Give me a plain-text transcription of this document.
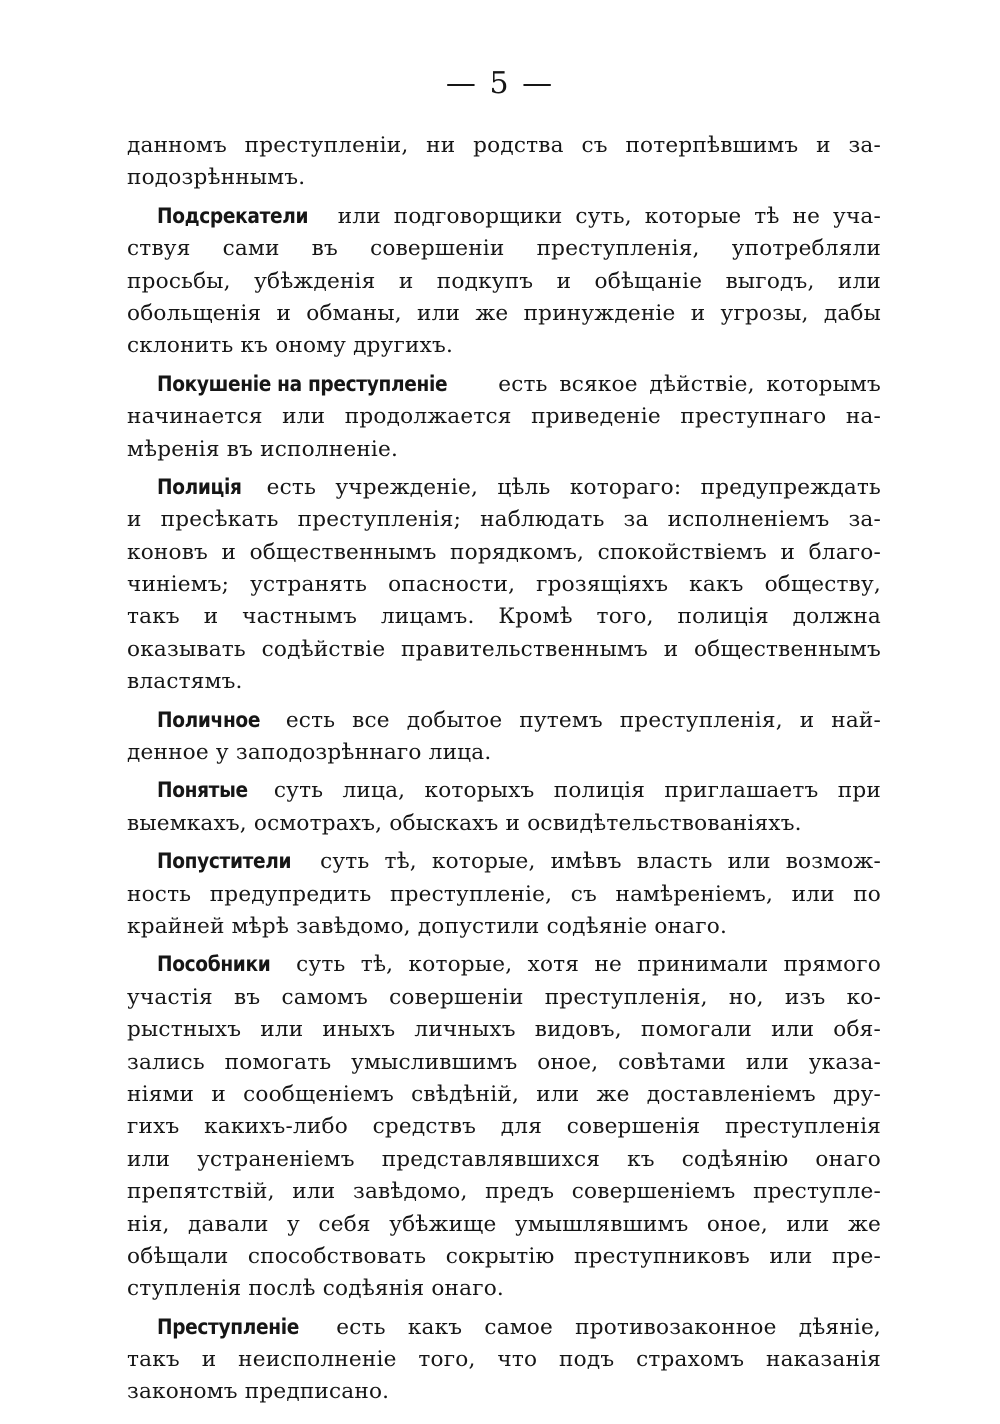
— 5 —
данномъ преступленіи, ни родства съ потерпѣвшимъ и за-
подозрѣннымъ.
Подсрекатели или подговорщики суть, которые тѣ не уча-
ствуя сами въ совершеніи преступленія, употребляли
просьбы, убѣжденія и подкупъ и обѣщаніе выгодъ, или
обольщенія и обманы, или же принужденіе и угрозы, дабы
склонить къ оному другихъ.
Покушеніе на преступленіе есть всякое дѣйствіе, которымъ
начинается или продолжается приведеніе преступнаго на-
мѣренія въ исполненіе.
Полиція есть учрежденіе, цѣль котораго: предупреждать
и пресѣкать преступленія; наблюдать за исполненіемъ за-
коновъ и общественнымъ порядкомъ, спокойствіемъ и благо-
чиніемъ; устранять опасности, грозящіяхъ какъ обществу,
такъ и частнымъ лицамъ. Кромѣ того, полиція должна
оказывать содѣйствіе правительственнымъ и общественнымъ
властямъ.
Поличное есть все добытое путемъ преступленія, и най-
денное у заподозрѣннаго лица.
Понятые суть лица, которыхъ полиція приглашаетъ при
выемкахъ, осмотрахъ, обыскахъ и освидѣтельствованіяхъ.
Попустители суть тѣ, которые, имѣвъ власть или возмож-
ность предупредить преступленіе, съ намѣреніемъ, или по
крайней мѣрѣ завѣдомо, допустили содѣяніе онаго.
Пособники суть тѣ, которые, хотя не принимали прямого
участія въ самомъ совершеніи преступленія, но, изъ ко-
рыстныхъ или иныхъ личныхъ видовъ, помогали или обя-
зались помогать умыслившимъ оное, совѣтами или указа-
ніями и сообщеніемъ свѣдѣній, или же доставленіемъ дру-
гихъ какихъ-либо средствъ для совершенія преступленія
или устраненіемъ представлявшихся къ содѣянію онаго
препятствій, или завѣдомо, предъ совершеніемъ преступле-
нія, давали у себя убѣжище умышлявшимъ оное, или же
обѣщали способствовать сокрытію преступниковъ или пре-
ступленія послѣ содѣянія онаго.
Преступленіе есть какъ самое противозаконное дѣяніе,
такъ и неисполненіе того, что подъ страхомъ наказанія
закономъ предписано.
